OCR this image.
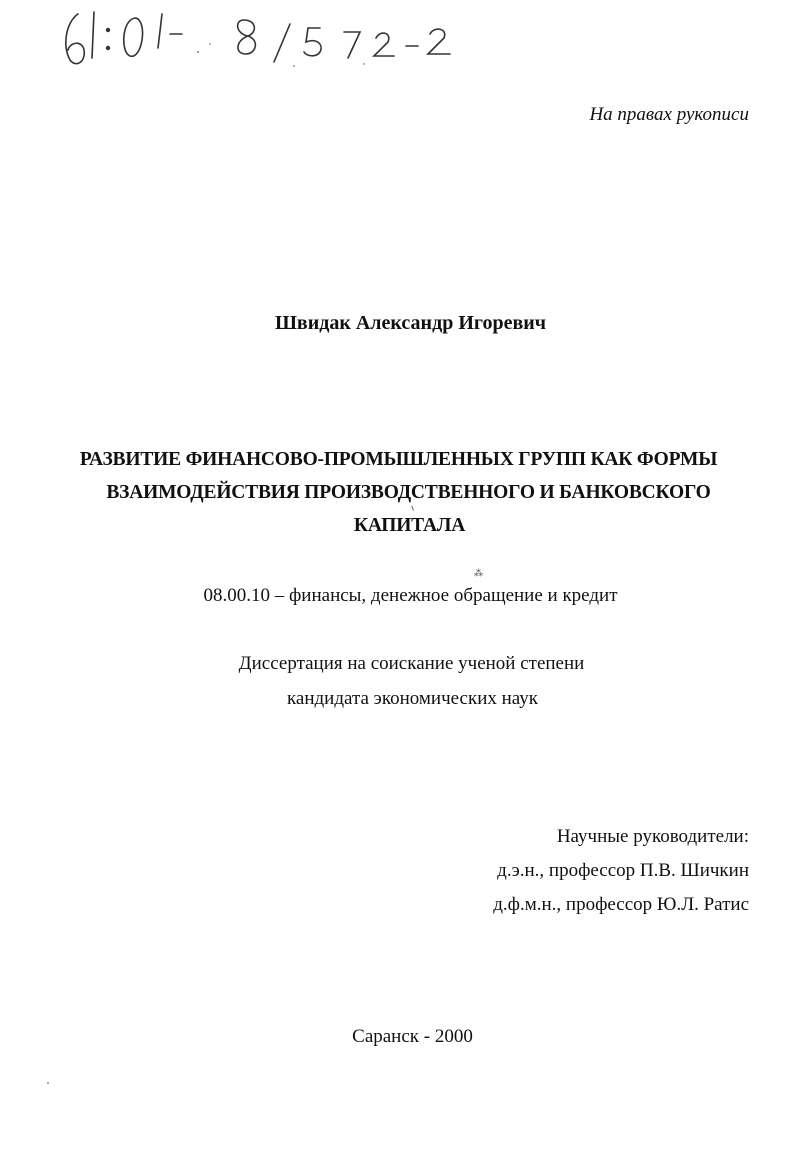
На правах рукописи
Швидак Александр Игоревич
РАЗВИТИЕ ФИНАНСОВО-ПРОМЫШЛЕННЫХ ГРУПП КАК ФОРМЫ
ВЗАИМОДЕЙСТВИЯ ПРОИЗВОДСТВЕННОГО И БАНКОВСКОГО
КАПИТАЛА
⁂
08.00.10 – финансы, денежное обращение и кредит
Диссертация на соискание ученой степени
кандидата экономических наук
Научные руководители:
д.э.н., профессор П.В. Шичкин
д.ф.м.н., профессор Ю.Л. Ратис
Саранск - 2000
